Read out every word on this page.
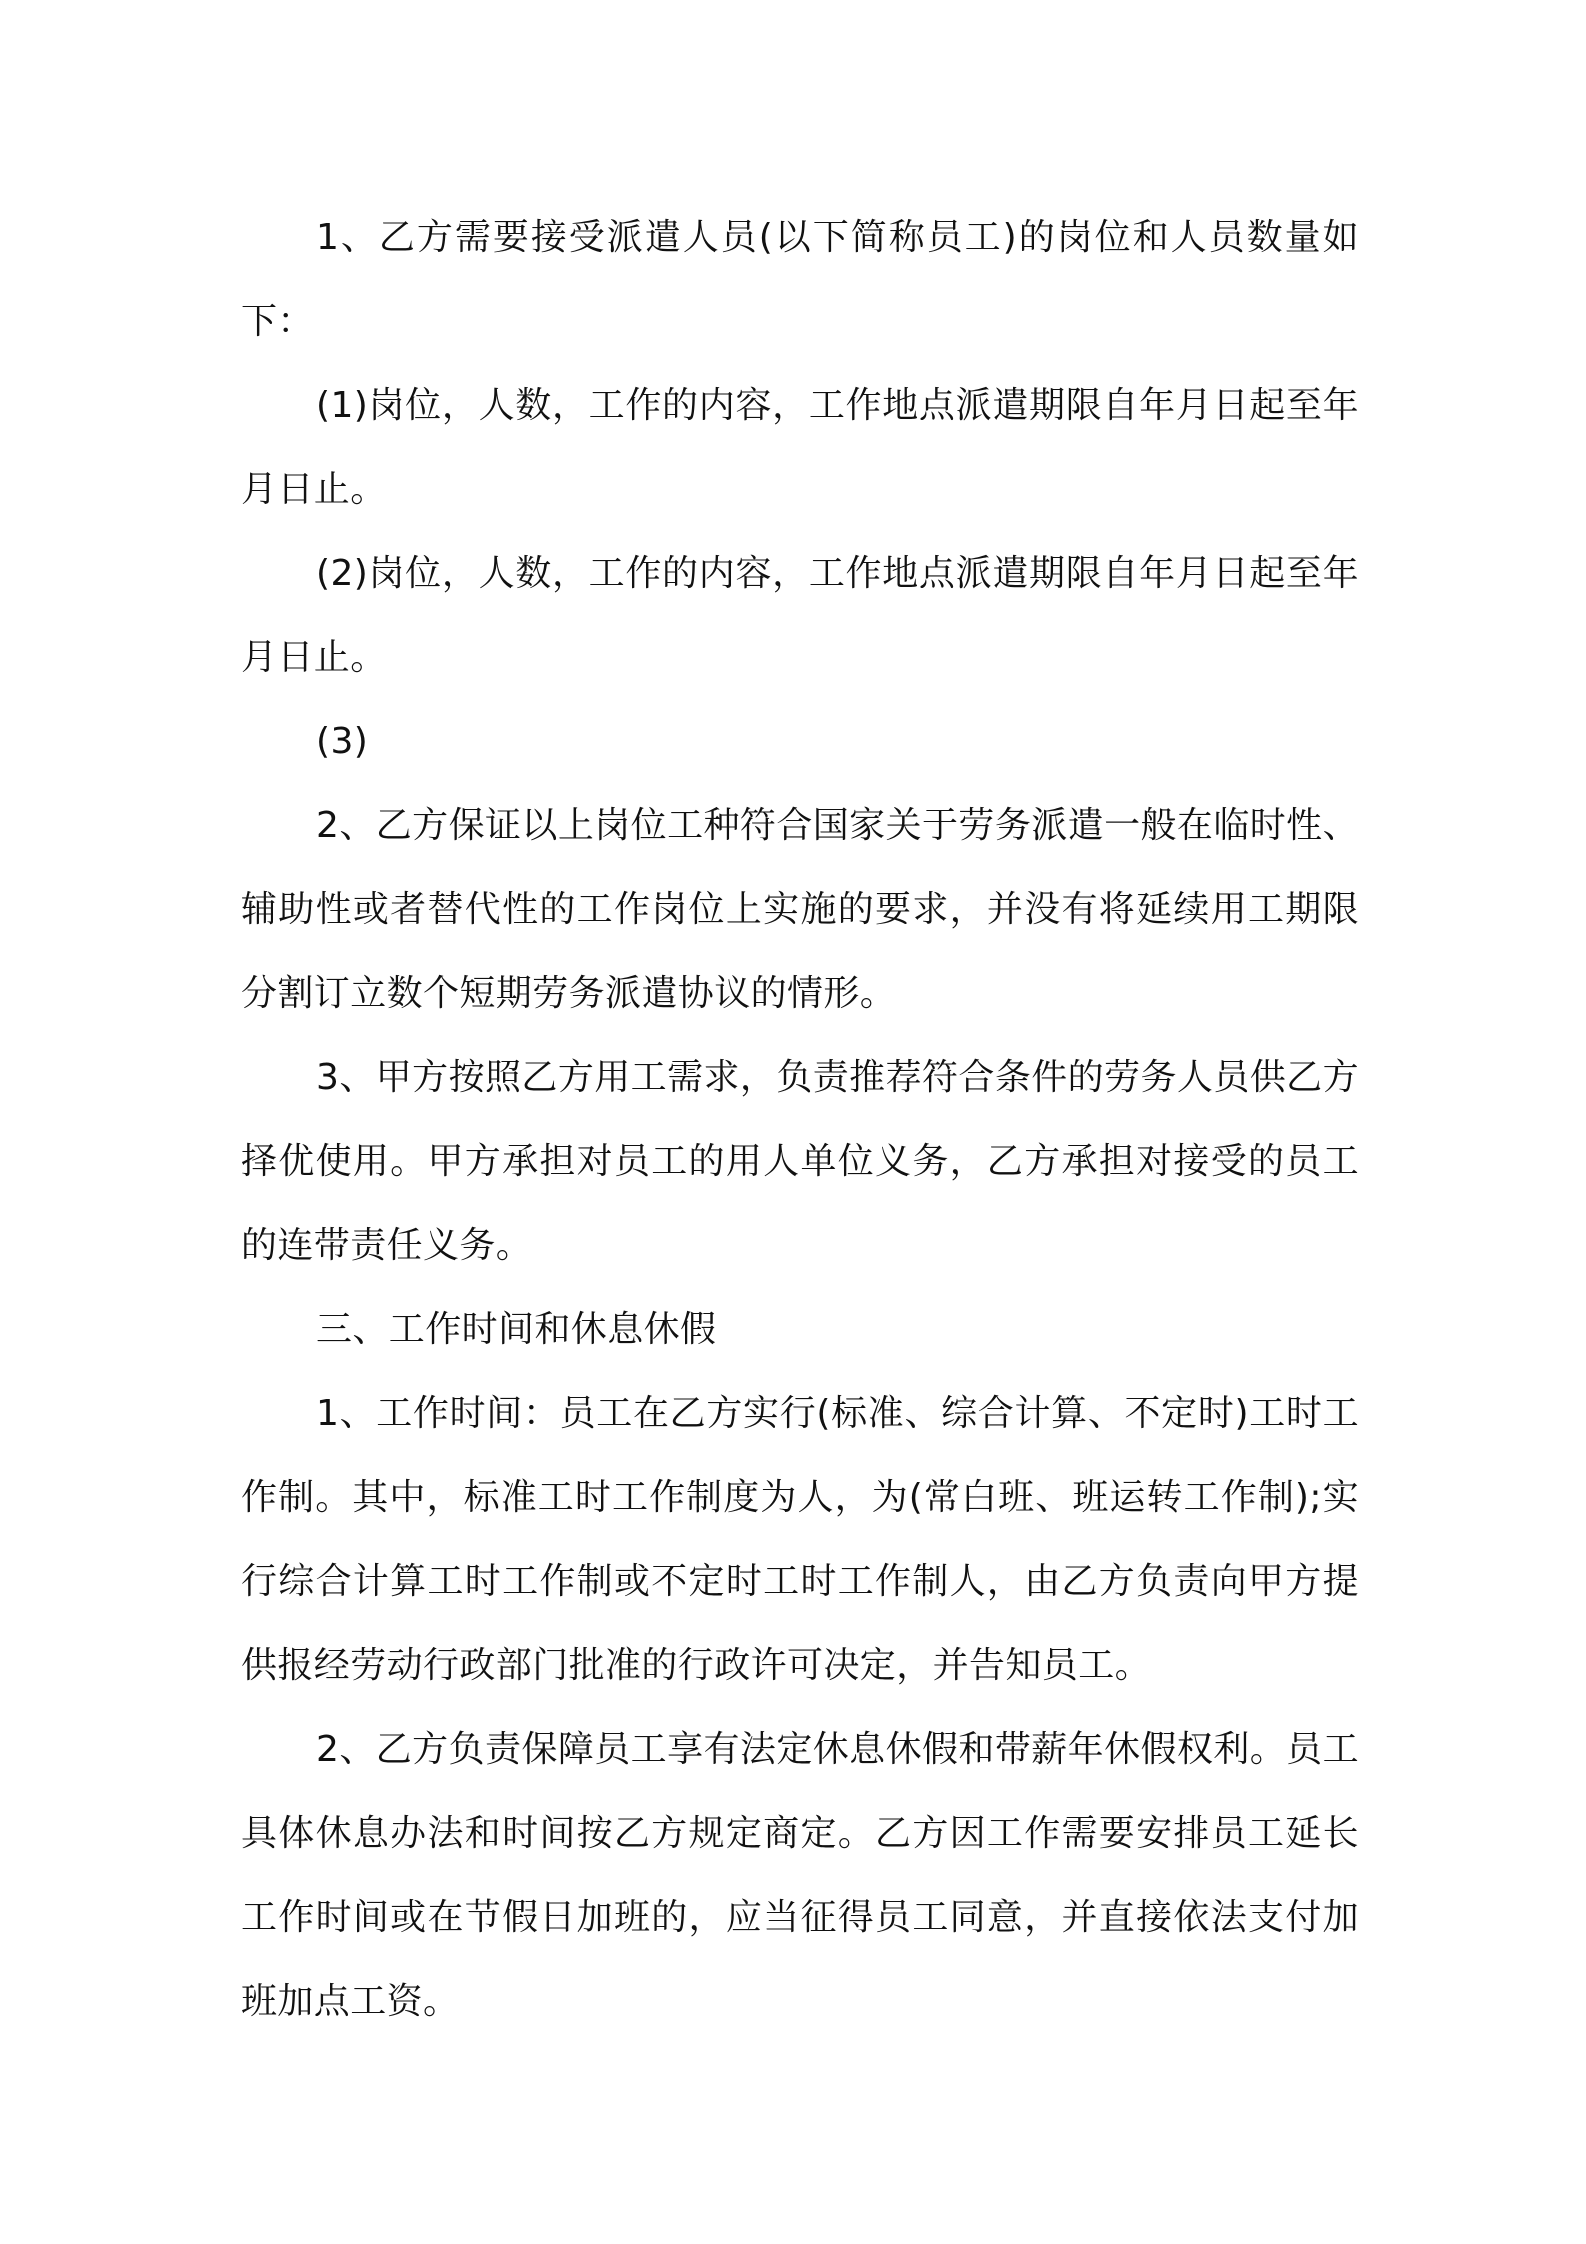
1、乙方需要接受派遣人员(以下简称员工)的岗位和人员数量如下：

(1)岗位，人数，工作的内容，工作地点派遣期限自年月日起至年月日止。

(2)岗位，人数，工作的内容，工作地点派遣期限自年月日起至年月日止。

(3)

2、乙方保证以上岗位工种符合国家关于劳务派遣一般在临时性、辅助性或者替代性的工作岗位上实施的要求，并没有将延续用工期限分割订立数个短期劳务派遣协议的情形。

3、甲方按照乙方用工需求，负责推荐符合条件的劳务人员供乙方择优使用。甲方承担对员工的用人单位义务，乙方承担对接受的员工的连带责任义务。

三、工作时间和休息休假

1、工作时间：员工在乙方实行(标准、综合计算、不定时)工时工作制。其中，标准工时工作制度为人，为(常白班、班运转工作制);实行综合计算工时工作制或不定时工时工作制人，由乙方负责向甲方提供报经劳动行政部门批准的行政许可决定，并告知员工。

2、乙方负责保障员工享有法定休息休假和带薪年休假权利。员工具体休息办法和时间按乙方规定商定。乙方因工作需要安排员工延长工作时间或在节假日加班的，应当征得员工同意，并直接依法支付加班加点工资。
